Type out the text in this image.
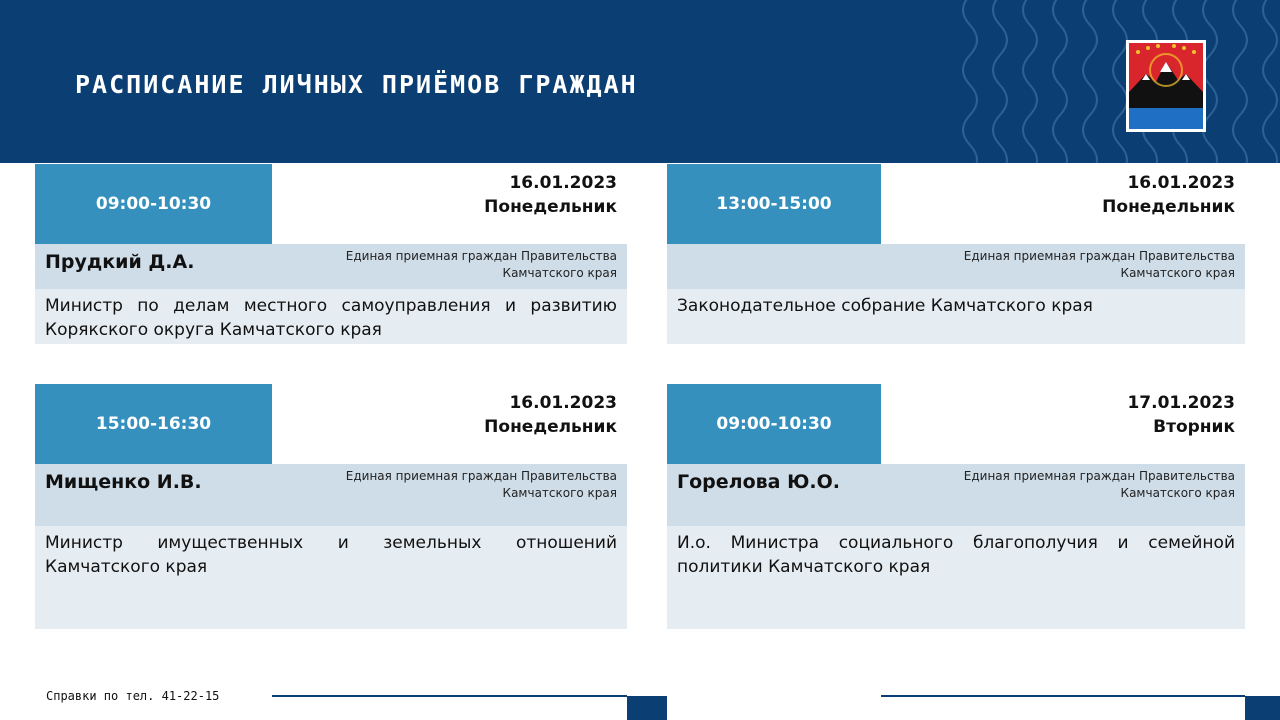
РАСПИСАНИЕ ЛИЧНЫХ ПРИЁМОВ ГРАЖДАН
09:00-10:30
16.01.2023
Понедельник
Прудкий Д.А.	Единая приемная граждан Правительства Камчатского края
Министр по делам местного самоуправления и развитию Корякского округа Камчатского края
13:00-15:00
16.01.2023
Понедельник
Единая приемная граждан Правительства Камчатского края
Законодательное собрание Камчатского края
15:00-16:30
16.01.2023
Понедельник
Мищенко И.В.	Единая приемная граждан Правительства Камчатского края
Министр имущественных и земельных отношений Камчатского края
09:00-10:30
17.01.2023
Вторник
Горелова Ю.О.	Единая приемная граждан Правительства Камчатского края
И.о. Министра социального благополучия и семейной политики Камчатского края
Справки по тел. 41-22-15
